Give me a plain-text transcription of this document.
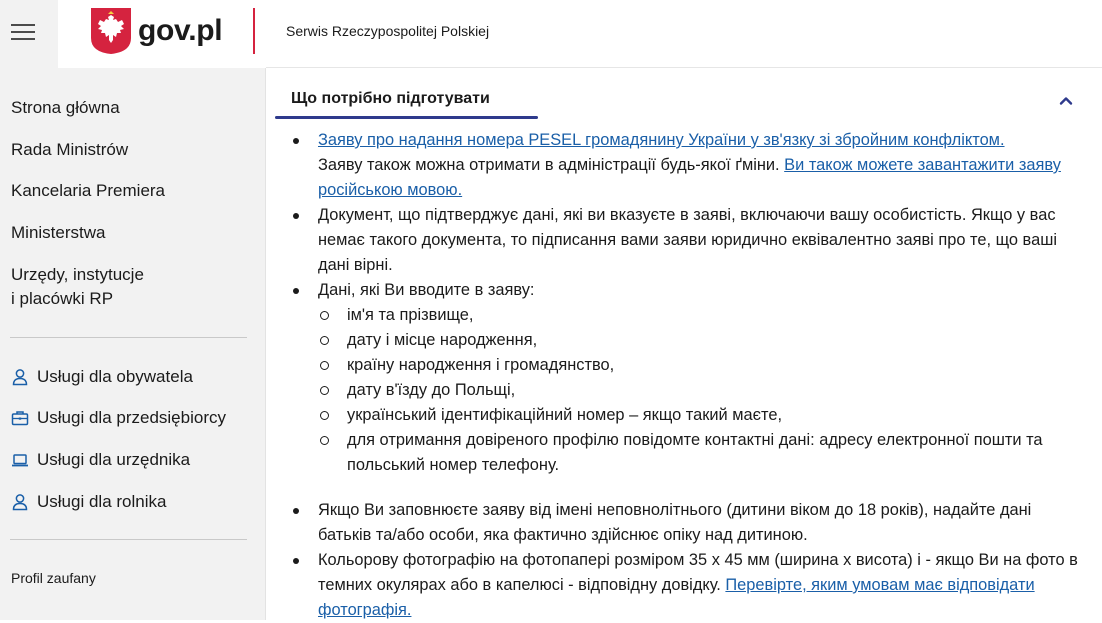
gov.pl	Serwis Rzeczypospolitej Polskiej
Strona główna
Rada Ministrów
Kancelaria Premiera
Ministerstwa
Urzędy, instytucje
i placówki RP
Usługi dla obywatela
Usługi dla przedsiębiorcy
Usługi dla urzędnika
Usługi dla rolnika
Profil zaufany
Що потрібно підготувати
Заяву про надання номера PESEL громадянину України у зв'язку зі збройним конфліктом.
Заяву також можна отримати в адміністрації будь-якої ґміни. Ви також можете завантажити заяву російською мовою.
Документ, що підтверджує дані, які ви вказуєте в заяві, включаючи вашу особистість. Якщо у вас немає такого документа, то підписання вами заяви юридично еквівалентно заяві про те, що ваші дані вірні.
Дані, які Ви вводите в заяву:
ім'я та прізвище,
дату і місце народження,
країну народження і громадянство,
дату в'їзду до Польщі,
український ідентифікаційний номер – якщо такий маєте,
для отримання довіреного профілю повідомте контактні дані: адресу електронної пошти та польський номер телефону.
Якщо Ви заповнюєте заяву від імені неповнолітнього (дитини віком до 18 років), надайте дані батьків та/або особи, яка фактично здійснює опіку над дитиною.
Кольорову фотографію на фотопапері розміром 35 x 45 мм (ширина x висота) і - якщо Ви на фото в темних окулярах або в капелюсі - відповідну довідку. Перевірте, яким умовам має відповідати фотографія.
